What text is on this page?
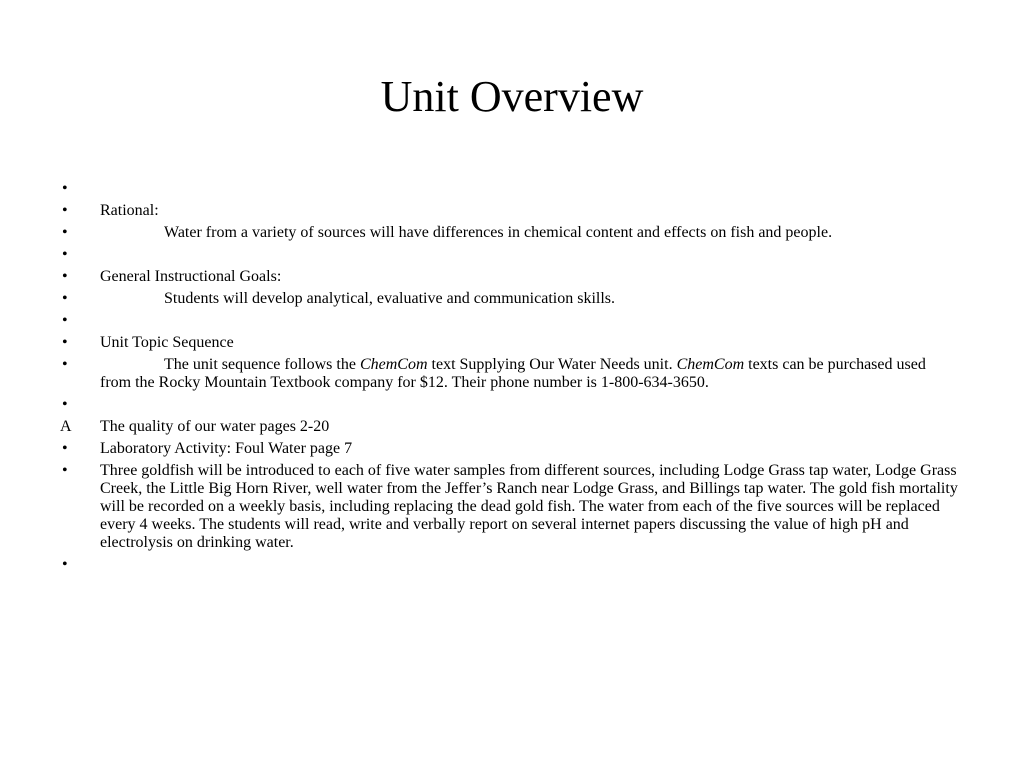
Unit Overview
•
•	Rational:
•	Water from a variety of sources will have differences in chemical content and effects on fish and people.
•
•	General Instructional Goals:
•	Students will develop analytical, evaluative and communication skills.
•
•	Unit Topic Sequence
•	The unit sequence follows the ChemCom text Supplying Our Water Needs unit. ChemCom texts can be purchased used from the Rocky Mountain Textbook company for $12. Their phone number is 1-800-634-3650.
•
A	The quality of our water pages 2-20
•	Laboratory Activity: Foul Water page 7
•	Three goldfish will be introduced to each of five water samples from different sources, including Lodge Grass tap water, Lodge Grass Creek, the Little Big Horn River, well water from the Jeffer’s Ranch near Lodge Grass, and Billings tap water. The gold fish mortality will be recorded on a weekly basis, including replacing the dead gold fish. The water from each of the five sources will be replaced every 4 weeks. The students will read, write and verbally report on several internet papers discussing the value of high pH and electrolysis on drinking water.
•
